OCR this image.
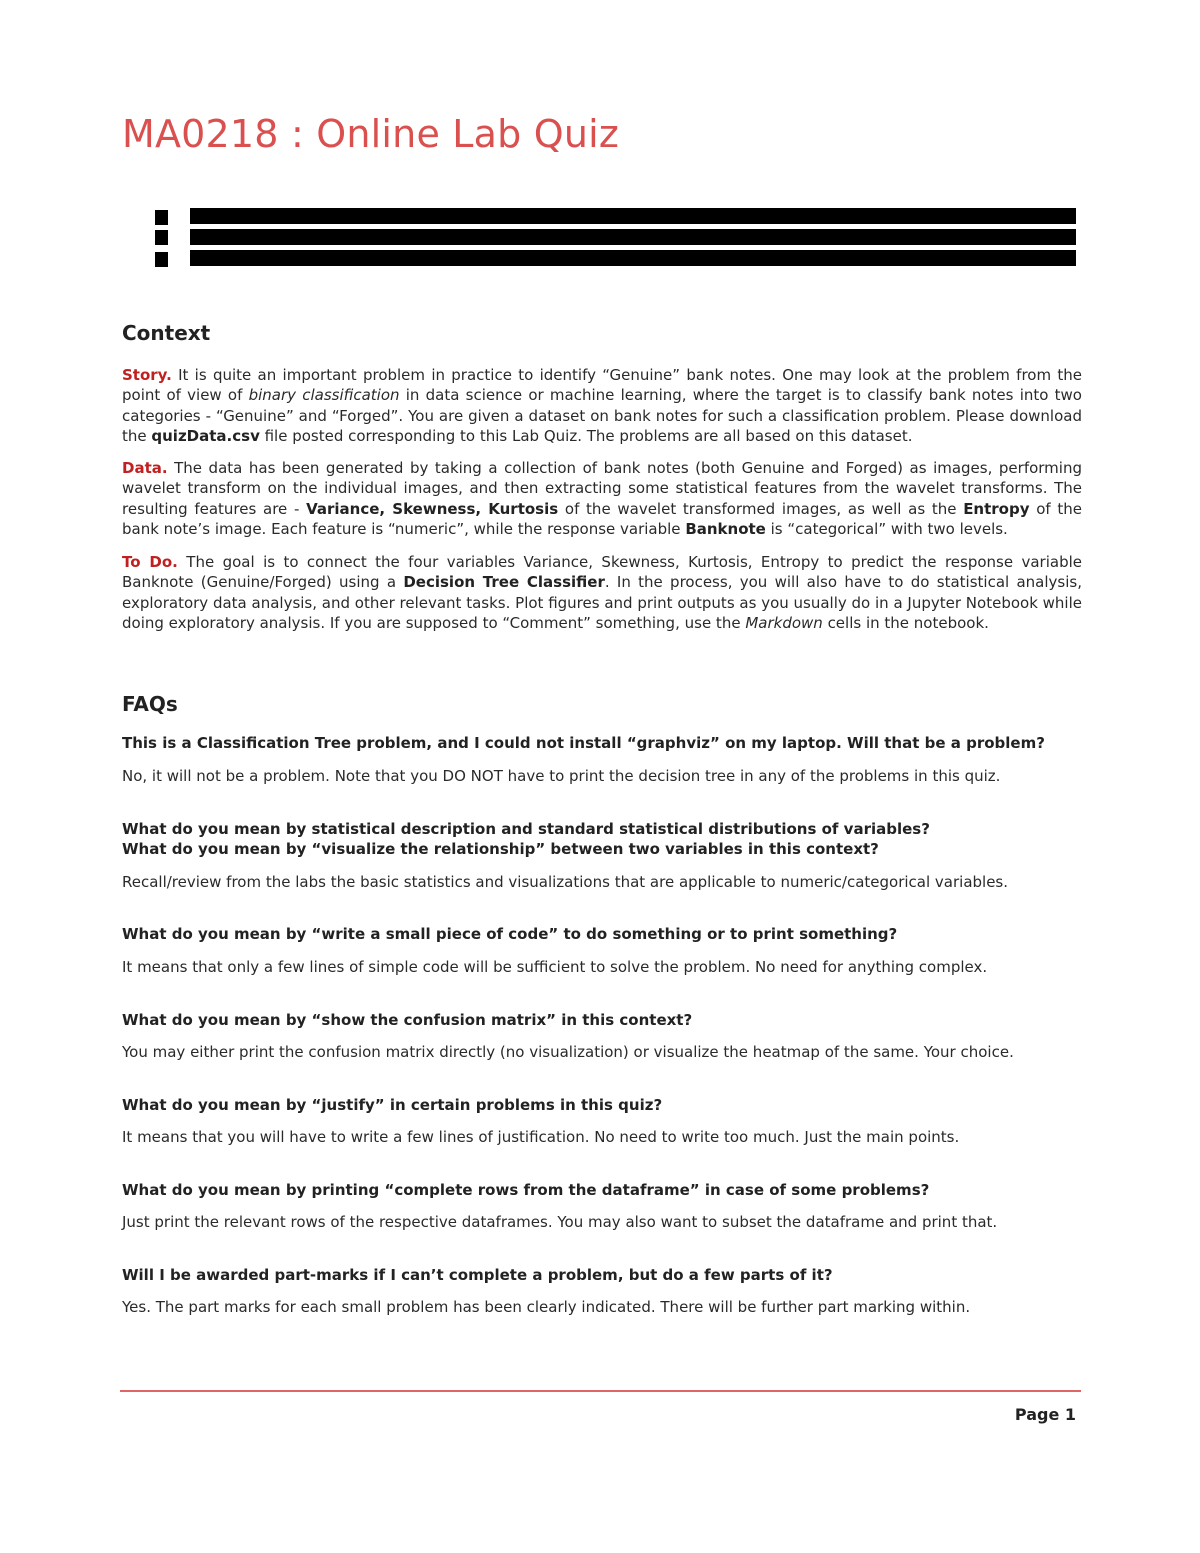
MA0218 : Online Lab Quiz
Context
Story. It is quite an important problem in practice to identify “Genuine” bank notes. One may look at the problem from the point of view of binary classification in data science or machine learning, where the target is to classify bank notes into two categories - “Genuine” and “Forged”. You are given a dataset on bank notes for such a classification problem. Please download the quizData.csv file posted corresponding to this Lab Quiz. The problems are all based on this dataset.
Data. The data has been generated by taking a collection of bank notes (both Genuine and Forged) as images, performing wavelet transform on the individual images, and then extracting some statistical features from the wavelet transforms. The resulting features are - Variance, Skewness, Kurtosis of the wavelet transformed images, as well as the Entropy of the bank note’s image. Each feature is “numeric”, while the response variable Banknote is “categorical” with two levels.
To Do. The goal is to connect the four variables Variance, Skewness, Kurtosis, Entropy to predict the response variable Banknote (Genuine/Forged) using a Decision Tree Classifier. In the process, you will also have to do statistical analysis, exploratory data analysis, and other relevant tasks. Plot figures and print outputs as you usually do in a Jupyter Notebook while doing exploratory analysis. If you are supposed to “Comment” something, use the Markdown cells in the notebook.
FAQs
This is a Classification Tree problem, and I could not install “graphviz” on my laptop. Will that be a problem?
No, it will not be a problem. Note that you DO NOT have to print the decision tree in any of the problems in this quiz.
What do you mean by statistical description and standard statistical distributions of variables?
What do you mean by “visualize the relationship” between two variables in this context?
Recall/review from the labs the basic statistics and visualizations that are applicable to numeric/categorical variables.
What do you mean by “write a small piece of code” to do something or to print something?
It means that only a few lines of simple code will be sufficient to solve the problem. No need for anything complex.
What do you mean by “show the confusion matrix” in this context?
You may either print the confusion matrix directly (no visualization) or visualize the heatmap of the same. Your choice.
What do you mean by “justify” in certain problems in this quiz?
It means that you will have to write a few lines of justification. No need to write too much. Just the main points.
What do you mean by printing “complete rows from the dataframe” in case of some problems?
Just print the relevant rows of the respective dataframes. You may also want to subset the dataframe and print that.
Will I be awarded part-marks if I can’t complete a problem, but do a few parts of it?
Yes. The part marks for each small problem has been clearly indicated. There will be further part marking within.
Page 1
